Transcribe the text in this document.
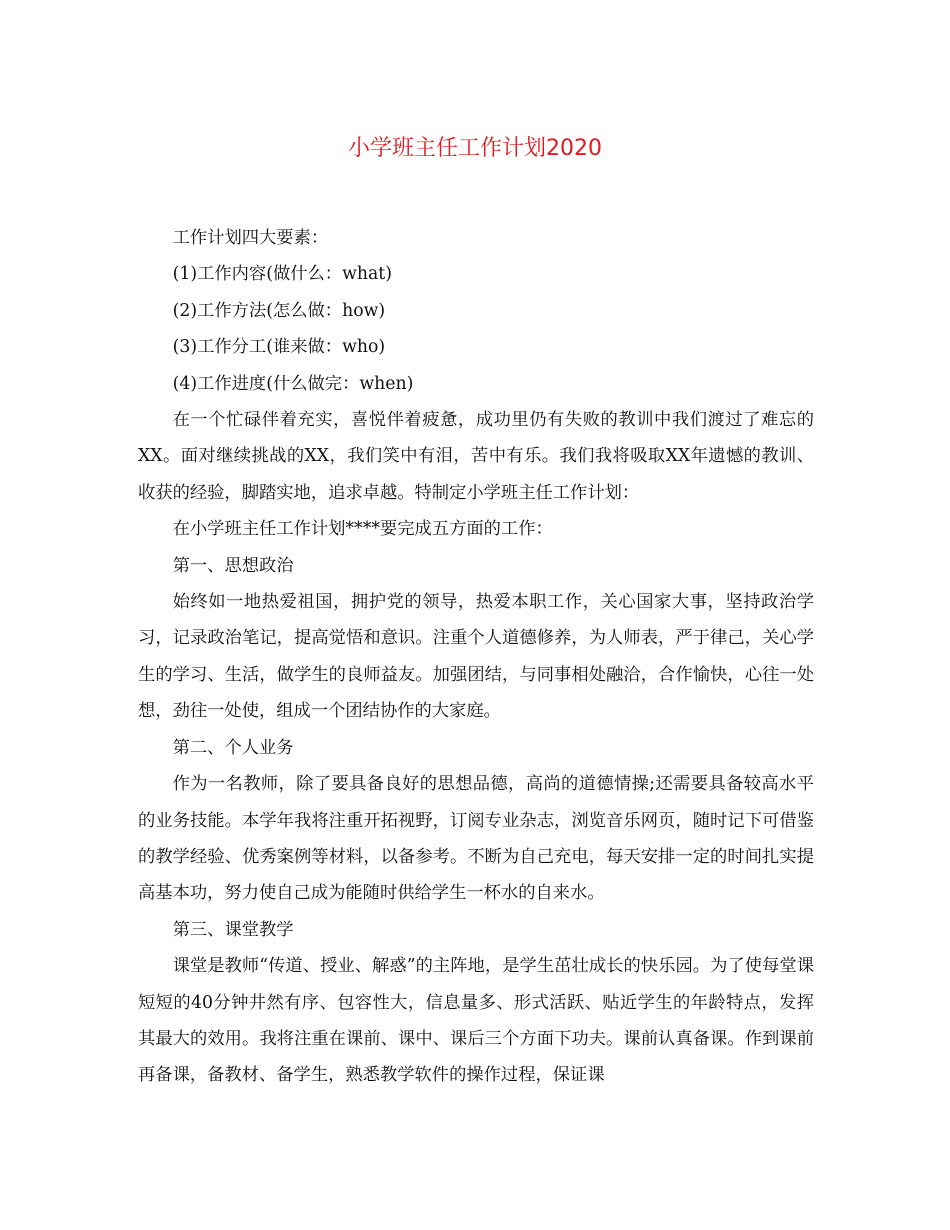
小学班主任工作计划2020

工作计划四大要素：

(1)工作内容(做什么：what)

(2)工作方法(怎么做：how)

(3)工作分工(谁来做：who)

(4)工作进度(什么做完：when)

在一个忙碌伴着充实，喜悦伴着疲惫，成功里仍有失败的教训中我们渡过了难忘的XX。面对继续挑战的XX，我们笑中有泪，苦中有乐。我们我将吸取XX年遗憾的教训、收获的经验，脚踏实地，追求卓越。特制定小学班主任工作计划：

在小学班主任工作计划****要完成五方面的工作：

第一、思想政治

始终如一地热爱祖国，拥护党的领导，热爱本职工作，关心国家大事，坚持政治学习，记录政治笔记，提高觉悟和意识。注重个人道德修养，为人师表，严于律己，关心学生的学习、生活，做学生的良师益友。加强团结，与同事相处融洽，合作愉快，心往一处想，劲往一处使，组成一个团结协作的大家庭。

第二、个人业务

作为一名教师，除了要具备良好的思想品德，高尚的道德情操;还需要具备较高水平的业务技能。本学年我将注重开拓视野，订阅专业杂志，浏览音乐网页，随时记下可借鉴的教学经验、优秀案例等材料，以备参考。不断为自己充电，每天安排一定的时间扎实提高基本功，努力使自己成为能随时供给学生一杯水的自来水。

第三、课堂教学

课堂是教师“传道、授业、解惑”的主阵地，是学生茁壮成长的快乐园。为了使每堂课短短的40分钟井然有序、包容性大，信息量多、形式活跃、贴近学生的年龄特点，发挥其最大的效用。我将注重在课前、课中、课后三个方面下功夫。课前认真备课。作到课前再备课，备教材、备学生，熟悉教学软件的操作过程，保证课
